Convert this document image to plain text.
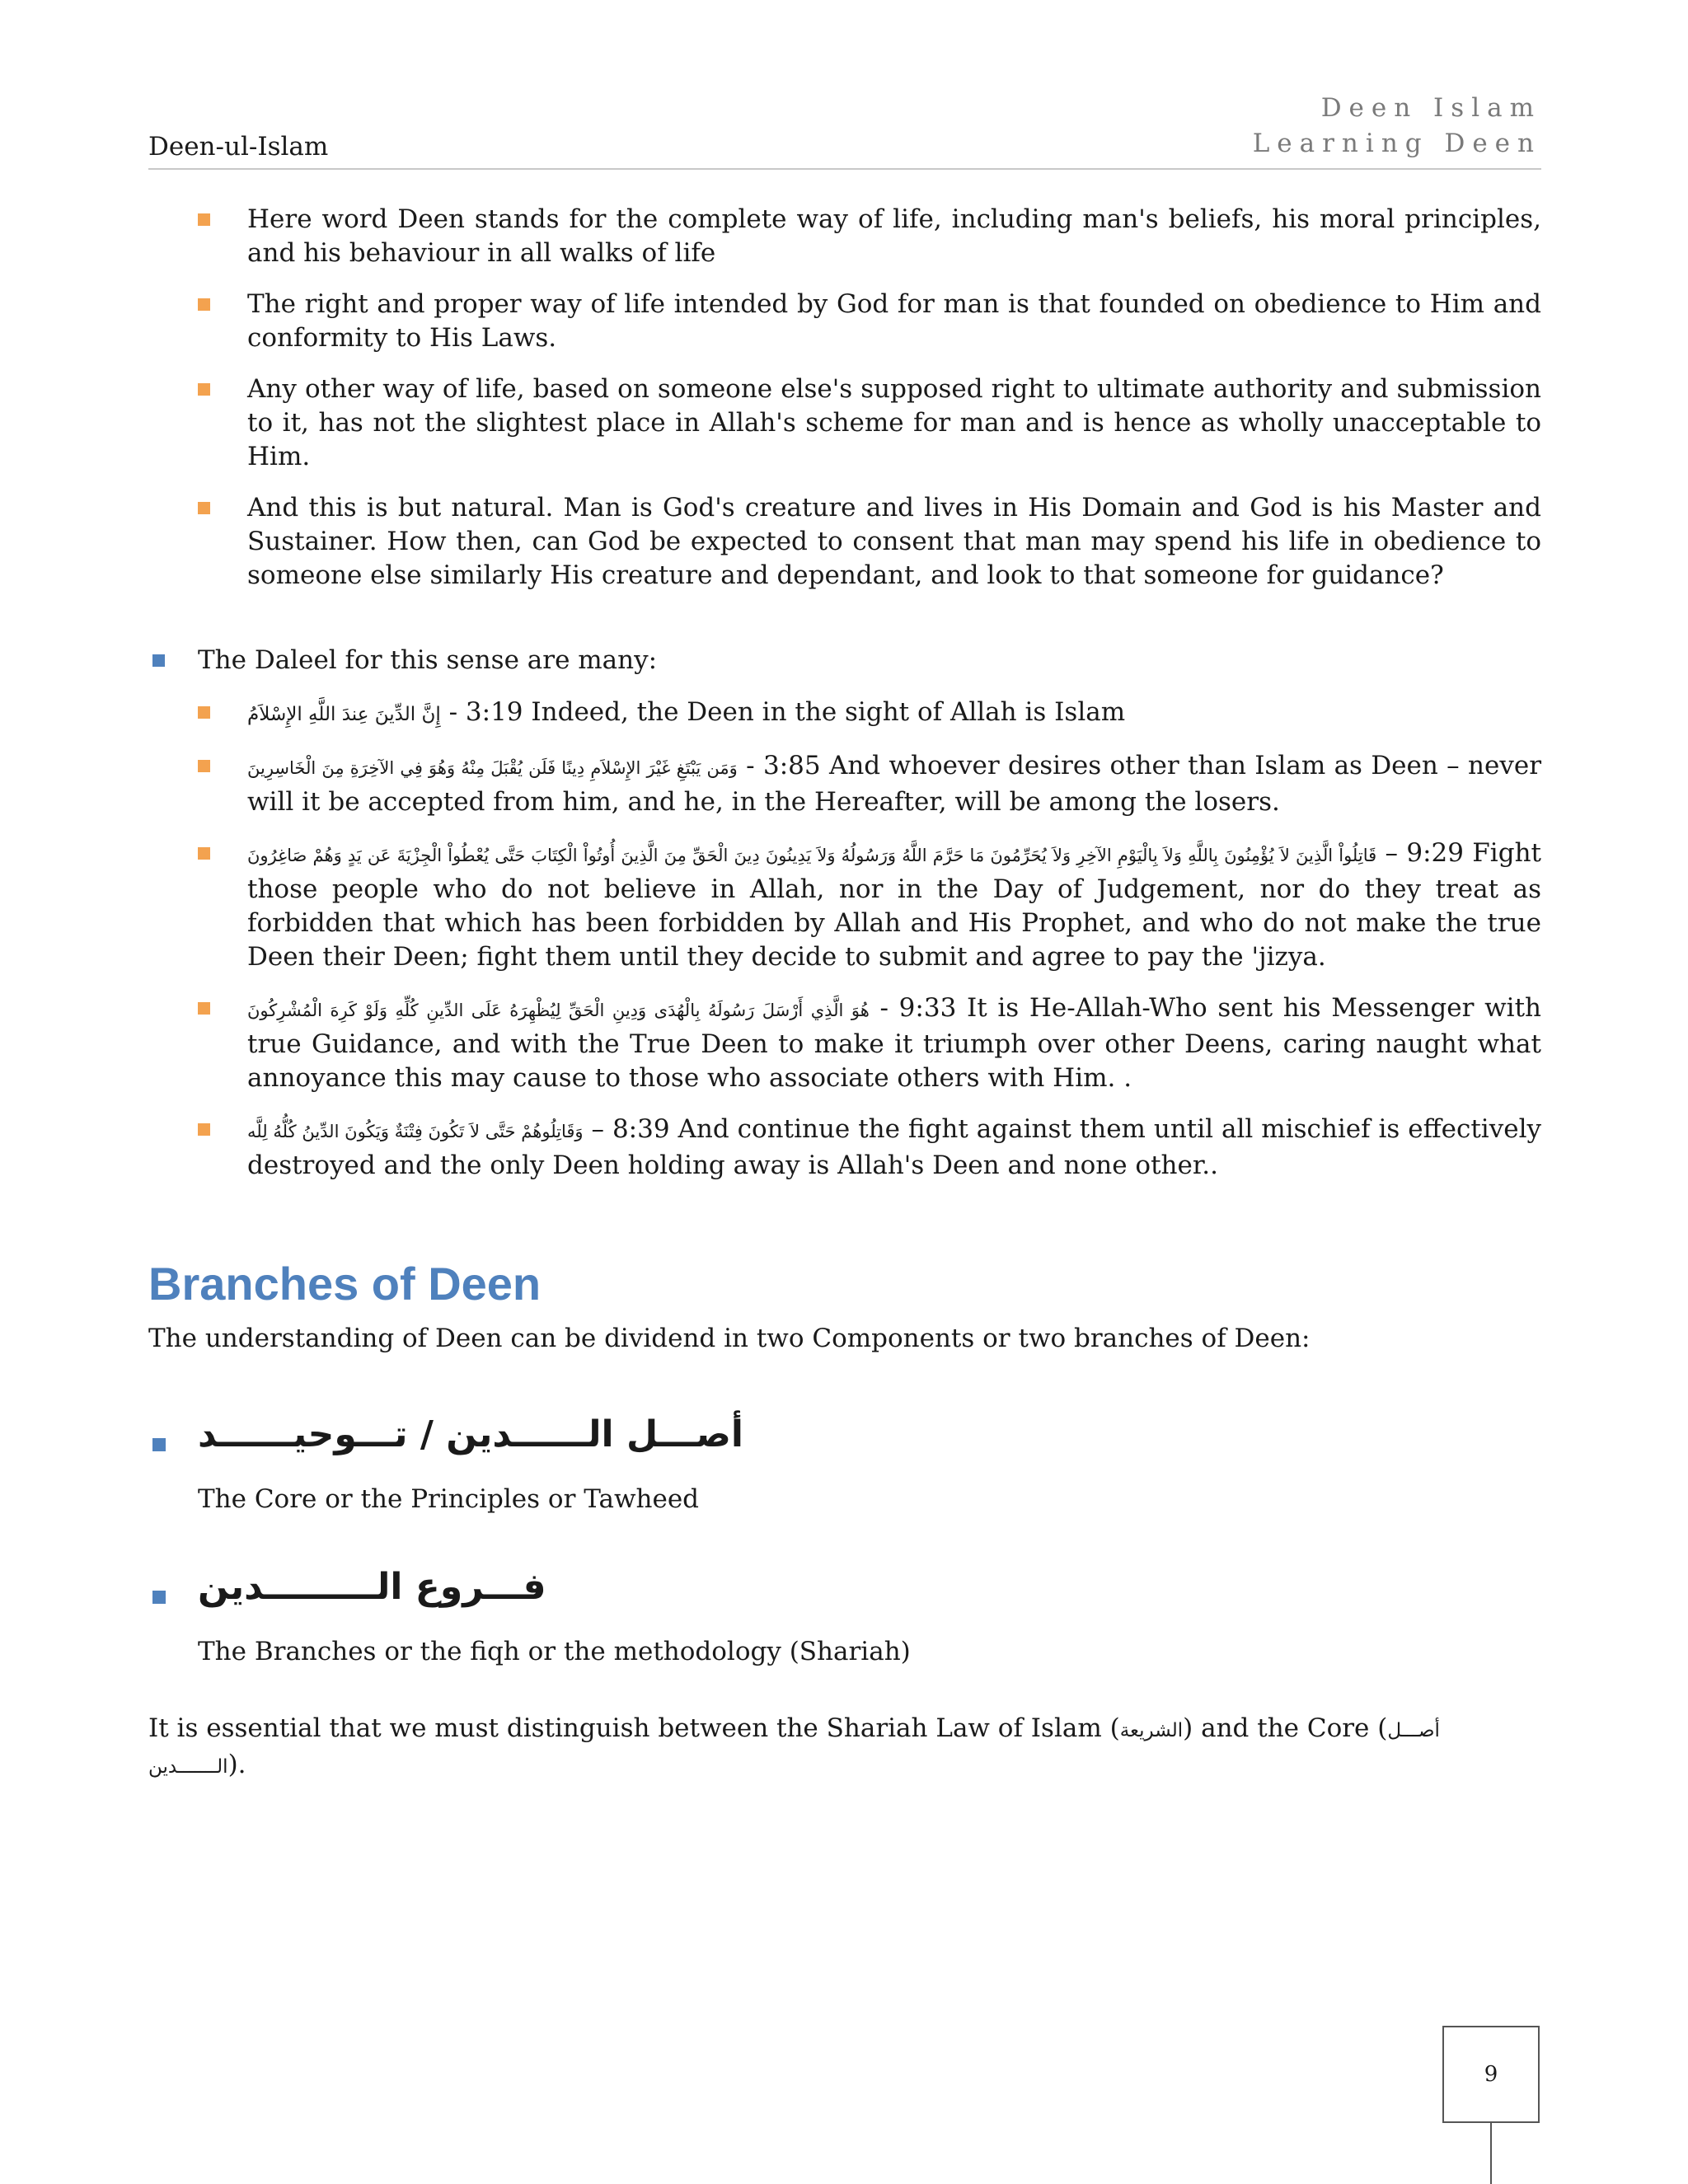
Deen-ul-Islam
Deen Islam
Learning Deen
Here word Deen stands for the complete way of life, including man's beliefs, his moral principles, and his behaviour in all walks of life
The right and proper way of life intended by God for man is that founded on obedience to Him and conformity to His Laws.
Any other way of life, based on someone else's supposed right to ultimate authority and submission to it, has not the slightest place in Allah's scheme for man and is hence as wholly unacceptable to Him.
And this is but natural. Man is God's creature and lives in His Domain and God is his Master and Sustainer. How then, can God be expected to consent that man may spend his life in obedience to someone else similarly His creature and dependant, and look to that someone for guidance?
The Daleel for this sense are many:
إِنَّ الدِّينَ عِندَ اللَّهِ الإِسْلاَمُ - 3:19 Indeed, the Deen in the sight of Allah is Islam
وَمَن يَبْتَغِ غَيْرَ الإِسْلاَمِ دِينًا فَلَن يُقْبَلَ مِنْهُ وَهُوَ فِي الآخِرَةِ مِنَ الْخَاسِرِينَ - 3:85 And whoever desires other than Islam as Deen – never will it be accepted from him, and he, in the Hereafter, will be among the losers.
قَاتِلُواْ الَّذِينَ لاَ يُؤْمِنُونَ بِاللَّهِ وَلاَ بِالْيَوْمِ الآخِرِ وَلاَ يُحَرِّمُونَ مَا حَرَّمَ اللَّهُ وَرَسُولُهُ وَلاَ يَدِينُونَ دِينَ الْحَقِّ مِنَ الَّذِينَ أُوتُواْ الْكِتَابَ حَتَّى يُعْطُواْ الْجِزْيَةَ عَن يَدٍ وَهُمْ صَاغِرُونَ – 9:29 Fight those people who do not believe in Allah, nor in the Day of Judgement, nor do they treat as forbidden that which has been forbidden by Allah and His Prophet, and who do not make the true Deen their Deen; fight them until they decide to submit and agree to pay the 'jizya.
هُوَ الَّذِي أَرْسَلَ رَسُولَهُ بِالْهُدَى وَدِينِ الْحَقِّ لِيُظْهِرَهُ عَلَى الدِّينِ كُلِّهِ وَلَوْ كَرِهَ الْمُشْرِكُونَ - 9:33 It is He-Allah-Who sent his Messenger with true Guidance, and with the True Deen to make it triumph over other Deens, caring naught what annoyance this may cause to those who associate others with Him. .
وَقَاتِلُوهُمْ حَتَّى لاَ تَكُونَ فِتْنَةٌ وَيَكُونَ الدِّينُ كُلُّهُ لِلَّه – 8:39 And continue the fight against them until all mischief is effectively destroyed and the only Deen holding away is Allah's Deen and none other..
Branches of Deen
The understanding of Deen can be dividend in two Components or two branches of Deen:
أصـــل الــــــدين / تـــوحيــــــد
The Core or the Principles or Tawheed
فـــروع الـــــــــدين
The Branches or the fiqh or the methodology (Shariah)
It is essential that we must distinguish between the Shariah Law of Islam (الشريعة) and the Core (أصـــل الـــــــدين).
9
